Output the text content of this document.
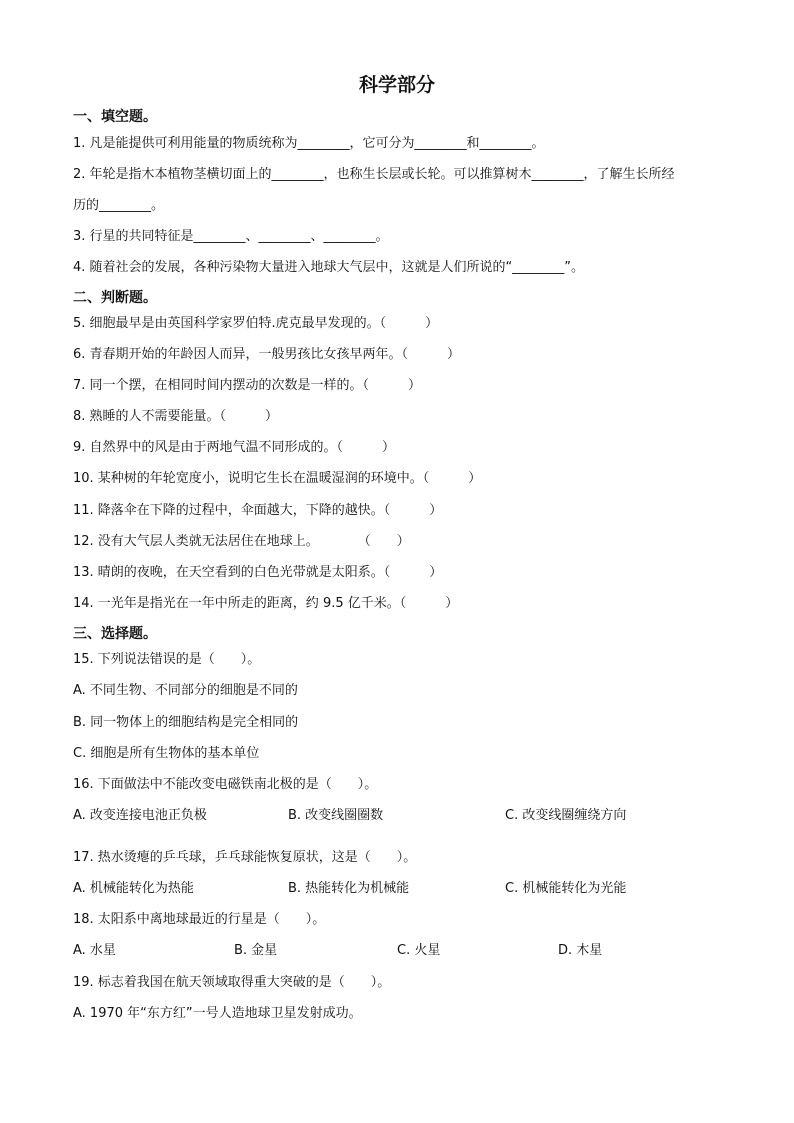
科学部分
一、填空题。
1. 凡是能提供可利用能量的物质统称为________，它可分为________和________。
2. 年轮是指木本植物茎横切面上的________，也称生长层或长轮。可以推算树木________，了解生长所经
历的________。
3. 行星的共同特征是________、________、________。
4. 随着社会的发展，各种污染物大量进入地球大气层中，这就是人们所说的“________”。
二、判断题。
5. 细胞最早是由英国科学家罗伯特.虎克最早发现的。（　　　）
6. 青春期开始的年龄因人而异，一般男孩比女孩早两年。（　　　）
7. 同一个摆，在相同时间内摆动的次数是一样的。（　　　）
8. 熟睡的人不需要能量。（　　　）
9. 自然界中的风是由于两地气温不同形成的。（　　　）
10. 某种树的年轮宽度小，说明它生长在温暖湿润的环境中。（　　　）
11. 降落伞在下降的过程中，伞面越大，下降的越快。（　　　）
12. 没有大气层人类就无法居住在地球上。　　　　（　　）
13. 晴朗的夜晚，在天空看到的白色光带就是太阳系。（　　　）
14. 一光年是指光在一年中所走的距离，约 9.5 亿千米。（　　　）
三、选择题。
15. 下列说法错误的是（　　）。
A. 不同生物、不同部分的细胞是不同的
B. 同一物体上的细胞结构是完全相同的
C. 细胞是所有生物体的基本单位
16. 下面做法中不能改变电磁铁南北极的是（　　）。
A. 改变连接电池正负极	B. 改变线圈圈数	C. 改变线圈缠绕方向
17. 热水烫瘪的乒乓球，乒乓球能恢复原状，这是（　　）。
A. 机械能转化为热能	B. 热能转化为机械能	C. 机械能转化为光能
18. 太阳系中离地球最近的行星是（　　）。
A. 水星	B. 金星	C. 火星	D. 木星
19. 标志着我国在航天领域取得重大突破的是（　　）。
A. 1970 年“东方红”一号人造地球卫星发射成功。
